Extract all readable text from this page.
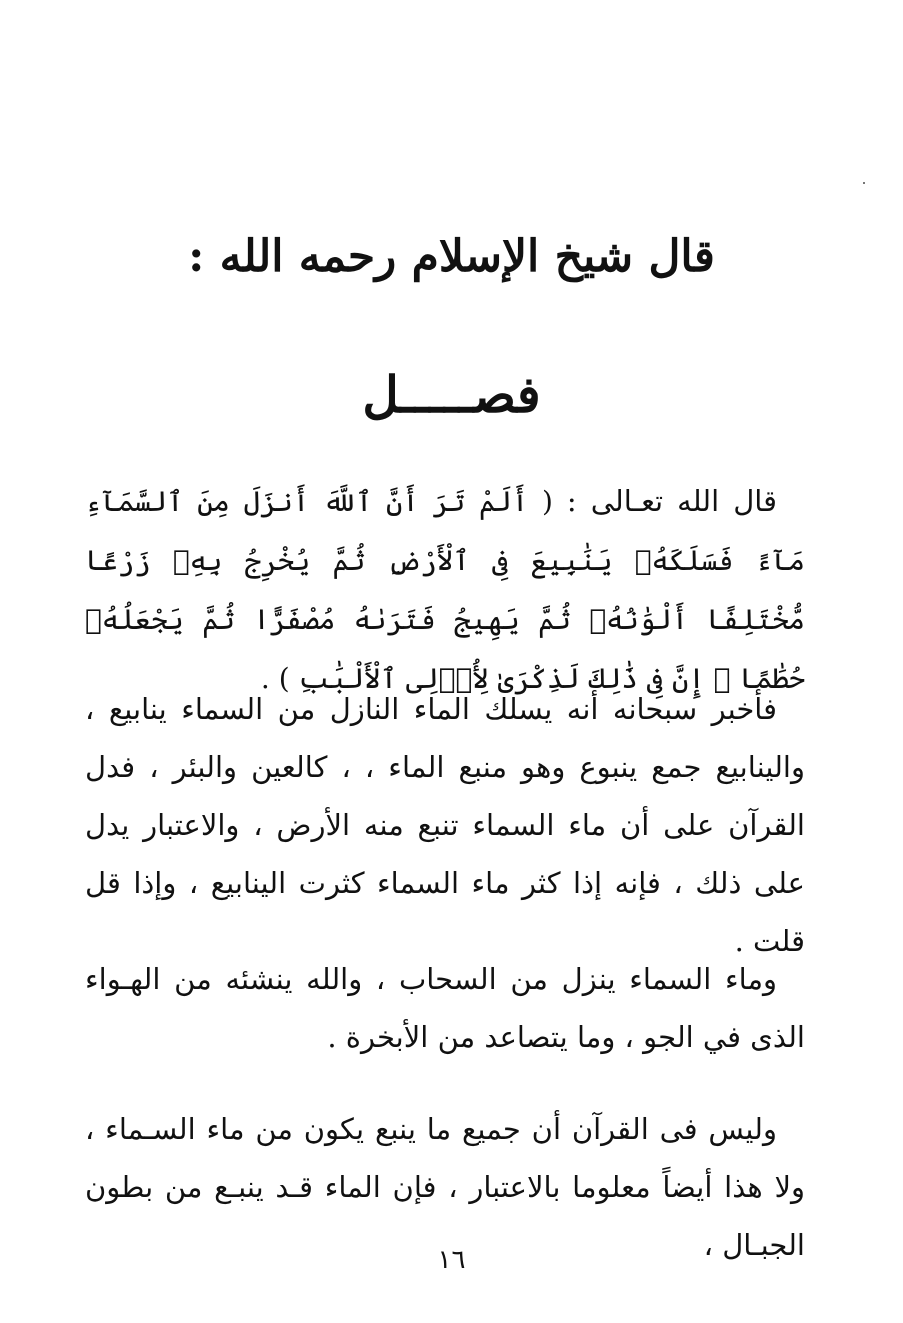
قال شيخ الإسلام رحمه الله :
فصـــــل
قال الله تعـالى : ( أَلَمْ تَرَ أَنَّ ٱللَّهَ أَنزَلَ مِنَ ٱلسَّمَآءِ مَآءً فَسَلَكَهُۥ يَنَٰبِيعَ فِى ٱلْأَرْضِ ثُمَّ يُخْرِجُ بِهِۦ زَرْعًا مُّخْتَلِفًا أَلْوَٰنُهُۥ ثُمَّ يَهِيجُ فَتَرَىٰهُ مُصْفَرًّا ثُمَّ يَجْعَلُهُۥ حُطَٰمًا ۚ إِنَّ فِى ذَٰلِكَ لَذِكْرَىٰ لِأُو۟لِى ٱلْأَلْبَٰبِ ) .
فأخبر سبحانه أنه يسلك الماء النازل من السماء ينابيع ، والينابيع جمع ينبوع وهو منبع الماء ، ، كالعين والبئر ، فدل القرآن على أن ماء السماء تنبع منه الأرض ، والاعتبار يدل على ذلك ، فإنه إذا كثر ماء السماء كثرت الينابيع ، وإذا قل قلت .
وماء السماء ينزل من السحاب ، والله ينشئه من الهـواء الذى في الجو ، وما يتصاعد من الأبخرة .
وليس فى القرآن أن جميع ما ينبع يكون من ماء السـماء ، ولا هذا أيضاً معلوما بالاعتبار ، فإن الماء قـد ينبـع من بطون الجبـال ،
١٦
